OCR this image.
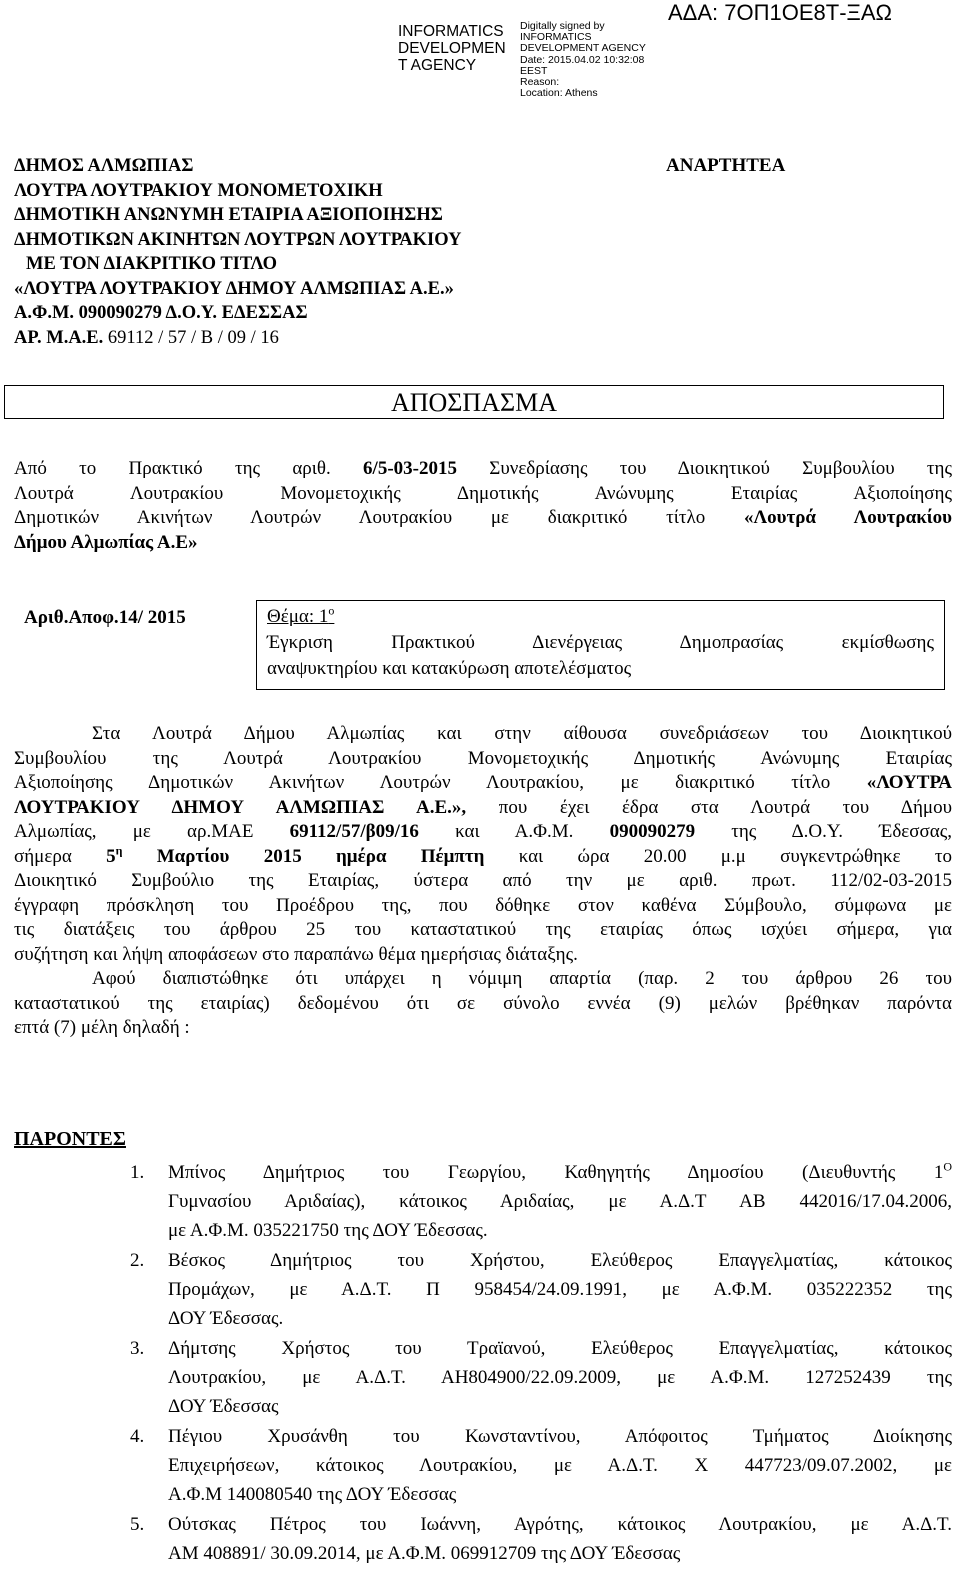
INFORMATICS
DEVELOPMEN
T AGENCY
Digitally signed by
INFORMATICS
DEVELOPMENT AGENCY
Date: 2015.04.02 10:32:08
EEST
Reason:
Location: Athens
ΑΔΑ: 7ΟΠ1ΟΕ8Τ-ΞΑΩ
ΔΗΜΟΣ ΑΛΜΩΠΙΑΣ
ΛΟΥΤΡΑ ΛΟΥΤΡΑΚΙΟΥ ΜΟΝΟΜΕΤΟΧΙΚΗ
ΔΗΜΟΤΙΚΗ ΑΝΩΝΥΜΗ ΕΤΑΙΡΙΑ ΑΞΙΟΠΟΙΗΣΗΣ
ΔΗΜΟΤΙΚΩΝ ΑΚΙΝΗΤΩΝ ΛΟΥΤΡΩΝ ΛΟΥΤΡΑΚΙΟΥ
ΜΕ ΤΟΝ ΔΙΑΚΡΙΤΙΚΟ ΤΙΤΛΟ
«ΛΟΥΤΡΑ ΛΟΥΤΡΑΚΙΟΥ ΔΗΜΟΥ ΑΛΜΩΠΙΑΣ Α.Ε.»
Α.Φ.Μ. 090090279 Δ.Ο.Υ. ΕΔΕΣΣΑΣ
ΑΡ. Μ.Α.Ε. 69112 / 57 / Β / 09 / 16
ΑΝΑΡΤΗΤΕΑ
ΑΠΟΣΠΑΣΜΑ
Από το Πρακτικό της αριθ. 6/5-03-2015 Συνεδρίασης του Διοικητικού Συμβουλίου της
Λουτρά Λουτρακίου Μονομετοχικής Δημοτικής Ανώνυμης Εταιρίας Αξιοποίησης
Δημοτικών Ακινήτων Λουτρών Λουτρακίου με διακριτικό τίτλο «Λουτρά Λουτρακίου
Δήμου Αλμωπίας Α.Ε»
Αριθ.Αποφ.14/ 2015	Θέμα: $1^o$
Έγκριση Πρακτικού Διενέργειας Δημοπρασίας εκμίσθωσης
αναψυκτηρίου και κατακύρωση αποτελέσματος
Στα Λουτρά Δήμου Αλμωπίας και στην αίθουσα συνεδριάσεων του Διοικητικού
Συμβουλίου της Λουτρά Λουτρακίου Μονομετοχικής Δημοτικής Ανώνυμης Εταιρίας
Αξιοποίησης Δημοτικών Ακινήτων Λουτρών Λουτρακίου, με διακριτικό τίτλο «ΛΟΥΤΡΑ
ΛΟΥΤΡΑΚΙΟΥ ΔΗΜΟΥ ΑΛΜΩΠΙΑΣ Α.Ε.», που έχει έδρα στα Λουτρά του Δήμου
Αλμωπίας, με αρ.ΜΑΕ 69112/57/β09/16 και Α.Φ.Μ. 090090279 της Δ.Ο.Υ. Έδεσσας,
σήμερα $5^\eta$ Μαρτίου 2015 ημέρα Πέμπτη και ώρα 20.00 μ.μ συγκεντρώθηκε το
Διοικητικό Συμβούλιο της Εταιρίας, ύστερα από την με αριθ. πρωτ. 112/02-03-2015
έγγραφη πρόσκληση του Προέδρου της, που δόθηκε στον καθένα Σύμβουλο, σύμφωνα με
τις διατάξεις του άρθρου 25 του καταστατικού της εταιρίας όπως ισχύει σήμερα, για
συζήτηση και λήψη αποφάσεων στο παραπάνω θέμα ημερήσιας διάταξης.
Αφού διαπιστώθηκε ότι υπάρχει η νόμιμη απαρτία (παρ. 2 του άρθρου 26 του
καταστατικού της εταιρίας) δεδομένου ότι σε σύνολο εννέα (9) μελών βρέθηκαν παρόντα
επτά (7) μέλη δηλαδή :
ΠΑΡΟΝΤΕΣ
1. Μπίνος Δημήτριος του Γεωργίου, Καθηγητής Δημοσίου (Διευθυντής $1^O$
Γυμνασίου Αριδαίας), κάτοικος Αριδαίας, με Α.Δ.Τ ΑΒ 442016/17.04.2006,
με Α.Φ.Μ. 035221750 της ΔΟΥ Έδεσσας.
2. Βέσκος Δημήτριος του Χρήστου, Ελεύθερος Επαγγελματίας, κάτοικος
Προμάχων, με Α.Δ.Τ. Π 958454/24.09.1991, με Α.Φ.Μ. 035222352 της
ΔΟΥ Έδεσσας.
3. Δήμτσης Χρήστος του Τραϊανού, Ελεύθερος Επαγγελματίας, κάτοικος
Λουτρακίου, με Α.Δ.Τ. ΑΗ804900/22.09.2009, με Α.Φ.Μ. 127252439 της
ΔΟΥ Έδεσσας
4. Πέγιου Χρυσάνθη του Κωνσταντίνου, Απόφοιτος Τμήματος Διοίκησης
Επιχειρήσεων, κάτοικος Λουτρακίου, με Α.Δ.Τ. Χ 447723/09.07.2002, με
Α.Φ.Μ 140080540 της ΔΟΥ Έδεσσας
5. Ούτσκας Πέτρος του Ιωάννη, Αγρότης, κάτοικος Λουτρακίου, με Α.Δ.Τ.
ΑΜ 408891/ 30.09.2014, με Α.Φ.Μ. 069912709 της ΔΟΥ Έδεσσας
